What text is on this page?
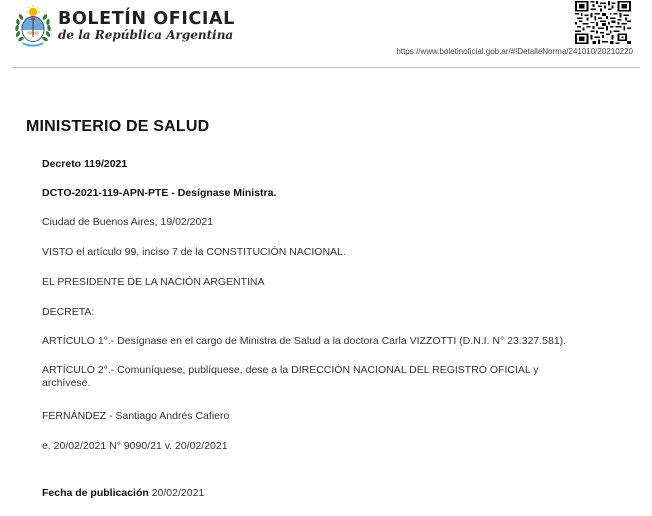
BOLETÍN OFICIAL
de la República Argentina
https://www.boletinoficial.gob.ar/#!DetalleNorma/241010/20210220
MINISTERIO DE SALUD
Decreto 119/2021
DCTO-2021-119-APN-PTE - Desígnase Ministra.
Ciudad de Buenos Aires, 19/02/2021
VISTO el artículo 99, inciso 7 de la CONSTITUCIÓN NACIONAL.
EL PRESIDENTE DE LA NACIÓN ARGENTINA
DECRETA:
ARTÍCULO 1°.- Desígnase en el cargo de Ministra de Salud a la doctora Carla VIZZOTTI (D.N.I. N° 23.327.581).
ARTÍCULO 2°.- Comuníquese, publíquese, dese a la DIRECCIÓN NACIONAL DEL REGISTRO OFICIAL y archívese.
FERNÁNDEZ - Santiago Andrés Cafiero
e. 20/02/2021 N° 9090/21 v. 20/02/2021
Fecha de publicación 20/02/2021
